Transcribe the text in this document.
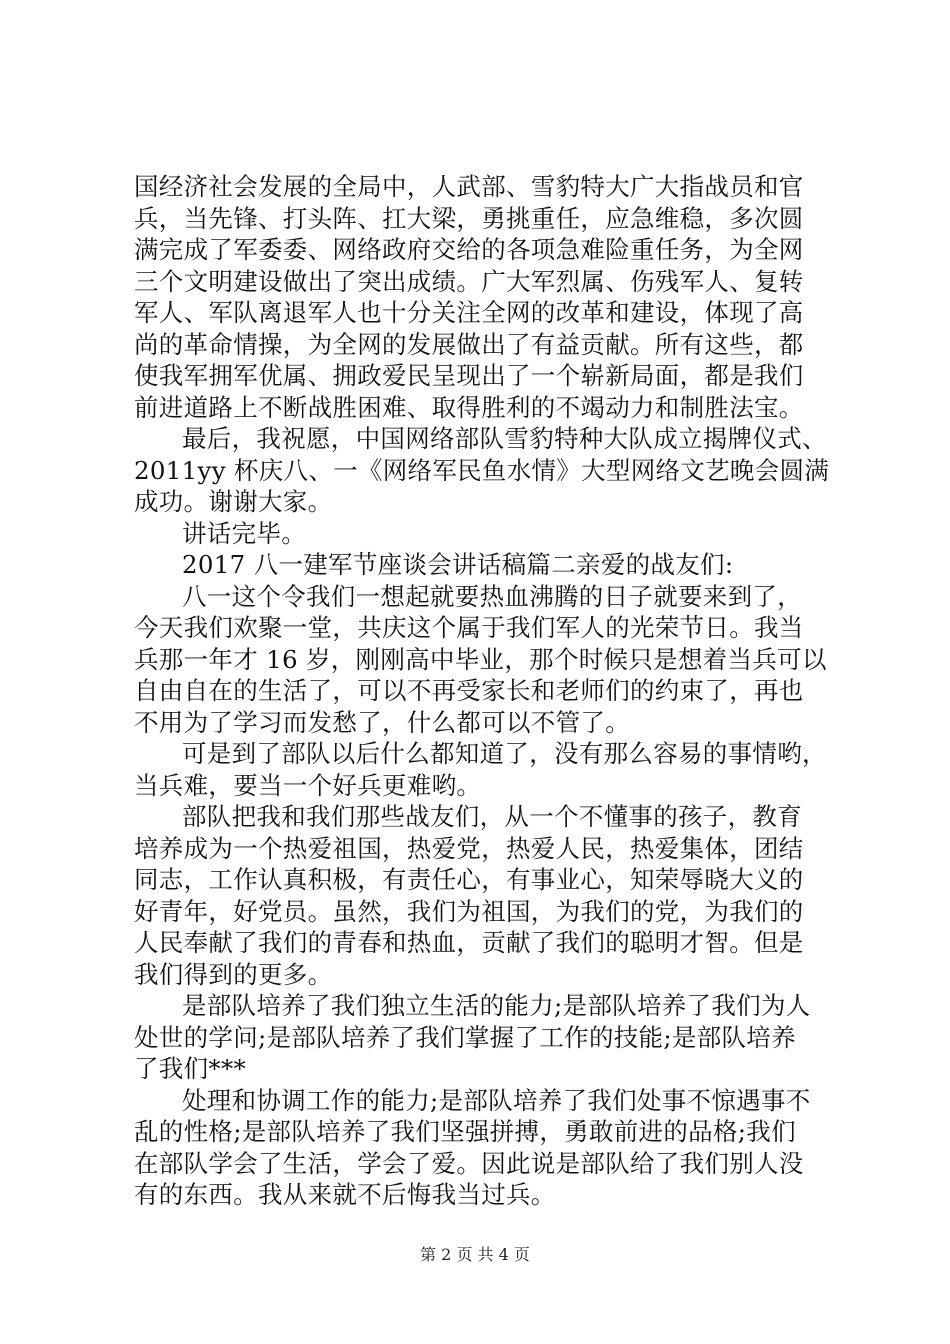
国经济社会发展的全局中，人武部、雪豹特大广大指战员和官
兵，当先锋、打头阵、扛大梁，勇挑重任，应急维稳，多次圆
满完成了军委委、网络政府交给的各项急难险重任务，为全网
三个文明建设做出了突出成绩。广大军烈属、伤残军人、复转
军人、军队离退军人也十分关注全网的改革和建设，体现了高
尚的革命情操，为全网的发展做出了有益贡献。所有这些，都
使我军拥军优属、拥政爱民呈现出了一个崭新局面，都是我们
前进道路上不断战胜困难、取得胜利的不竭动力和制胜法宝。
最后，我祝愿，中国网络部队雪豹特种大队成立揭牌仪式、
2011yy 杯庆八、一《网络军民鱼水情》大型网络文艺晚会圆满
成功。谢谢大家。
讲话完毕。
2017 八一建军节座谈会讲话稿篇二亲爱的战友们:
八一这个令我们一想起就要热血沸腾的日子就要来到了，
今天我们欢聚一堂，共庆这个属于我们军人的光荣节日。我当
兵那一年才 16 岁，刚刚高中毕业，那个时候只是想着当兵可以
自由自在的生活了，可以不再受家长和老师们的约束了，再也
不用为了学习而发愁了，什么都可以不管了。
可是到了部队以后什么都知道了，没有那么容易的事情哟，
当兵难，要当一个好兵更难哟。
部队把我和我们那些战友们，从一个不懂事的孩子，教育
培养成为一个热爱祖国，热爱党，热爱人民，热爱集体，团结
同志，工作认真积极，有责任心，有事业心，知荣辱晓大义的
好青年，好党员。虽然，我们为祖国，为我们的党，为我们的
人民奉献了我们的青春和热血，贡献了我们的聪明才智。但是
我们得到的更多。
是部队培养了我们独立生活的能力;是部队培养了我们为人
处世的学问;是部队培养了我们掌握了工作的技能;是部队培养
了我们***
处理和协调工作的能力;是部队培养了我们处事不惊遇事不
乱的性格;是部队培养了我们坚强拼搏，勇敢前进的品格;我们
在部队学会了生活，学会了爱。因此说是部队给了我们别人没
有的东西。我从来就不后悔我当过兵。
第 2 页 共 4 页
